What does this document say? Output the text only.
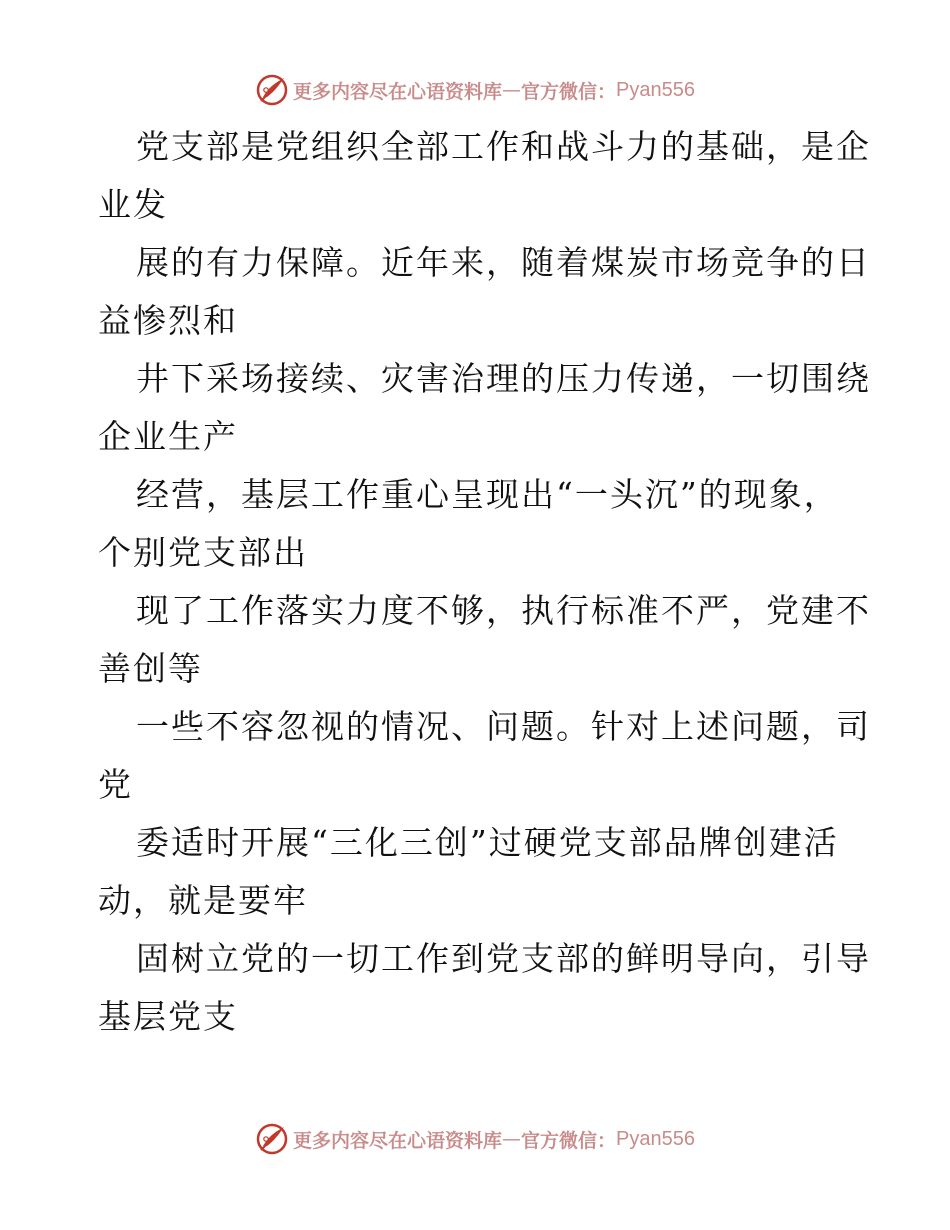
更多内容尽在心语资料库 — 官方微信： Pyan556
党支部是党组织全部工作和战斗力的基础，是企
业发
展的有力保障。近年来，随着煤炭市场竞争的日
益惨烈和
井下采场接续、灾害治理的压力传递，一切围绕
企业生产
经营，基层工作重心呈现出“一头沉”的现象，
个别党支部出
现了工作落实力度不够，执行标准不严，党建不
善创等
一些不容忽视的情况、问题。针对上述问题，司
党
委适时开展“三化三创”过硬党支部品牌创建活
动，就是要牢
固树立党的一切工作到党支部的鲜明导向，引导
基层党支
更多内容尽在心语资料库 — 官方微信： Pyan556
